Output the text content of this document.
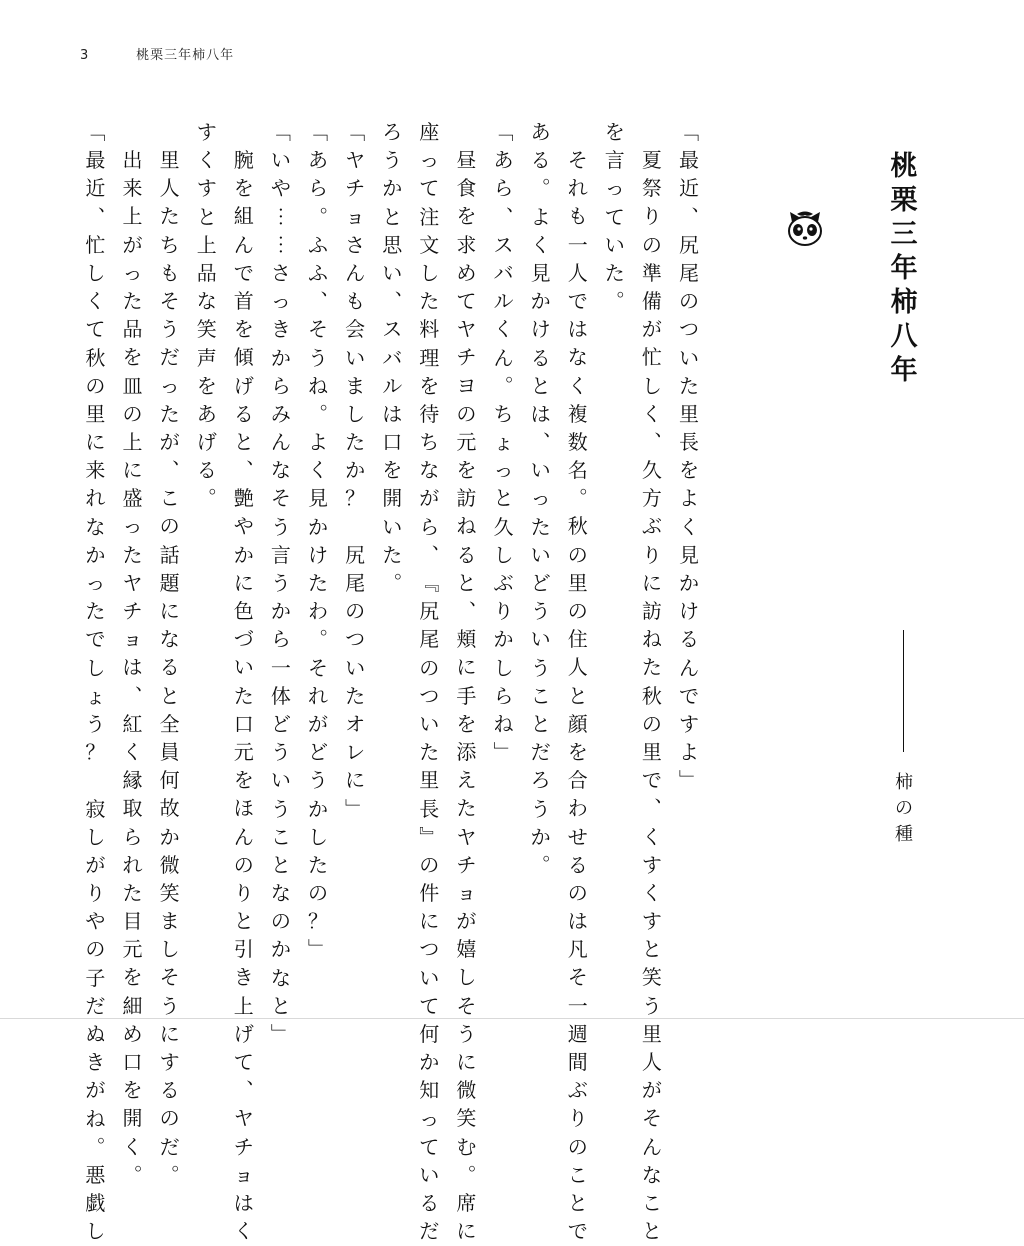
3	桃栗三年柿八年
桃
栗
三
年
柿
八
年
柿
の
種
﹁
最
近
︑
尻
尾
の
つ
い
た
里
長
を
よ
く
見
か
け
る
ん
で
す
よ
﹂
夏
祭
り
の
準
備
が
忙
し
く
︑
久
方
ぶ
り
に
訪
ね
た
秋
の
里
で
︑
く
す
く
す
と
笑
う
里
人
が
そ
ん
な
こ
と
を
言
っ
て
い
た
︒
そ
れ
も
一
人
で
は
な
く
複
数
名
︒
秋
の
里
の
住
人
と
顔
を
合
わ
せ
る
の
は
凡
そ
一
週
間
ぶ
り
の
こ
と
で
あ
る
︒
よ
く
見
か
け
る
と
は
︑
い
っ
た
い
ど
う
い
う
こ
と
だ
ろ
う
か
︒
﹁
あ
ら
︑
ス
バ
ル
く
ん
︒
ち
ょ
っ
と
久
し
ぶ
り
か
し
ら
ね
﹂
昼
食
を
求
め
て
ヤ
チ
ヨ
の
元
を
訪
ね
る
と
︑
頬
に
手
を
添
え
た
ヤ
チ
ョ
が
嬉
し
そ
う
に
微
笑
む
︒
席
に
座
っ
て
注
文
し
た
料
理
を
待
ち
な
が
ら
︑
﹃
尻
尾
の
つ
い
た
里
長
﹄
の
件
に
つ
い
て
何
か
知
っ
て
い
る
だ
ろ
う
か
と
思
い
︑
ス
バ
ル
は
口
を
開
い
た
︒
﹁
ヤ
チ
ョ
さ
ん
も
会
い
ま
し
た
か
？

尻
尾
の
つ
い
た
オ
レ
に
﹂
﹁
あ
ら
︒
ふ
ふ
︑
そ
う
ね
︒
よ
く
見
か
け
た
わ
︒
そ
れ
が
ど
う
か
し
た
の
？
﹂
﹁
い
や
︙
︙
さ
っ
き
か
ら
み
ん
な
そ
う
言
う
か
ら
一
体
ど
う
い
う
こ
と
な
の
か
な
と
﹂
腕
を
組
ん
で
首
を
傾
げ
る
と
︑
艶
や
か
に
色
づ
い
た
口
元
を
ほ
ん
の
り
と
引
き
上
げ
て
︑
ヤ
チ
ョ
は
く
す
く
す
と
上
品
な
笑
声
を
あ
げ
る
︒
里
人
た
ち
も
そ
う
だ
っ
た
が
︑
こ
の
話
題
に
な
る
と
全
員
何
故
か
微
笑
ま
し
そ
う
に
す
る
の
だ
︒
出
来
上
が
っ
た
品
を
皿
の
上
に
盛
っ
た
ヤ
チ
ョ
は
︑
紅
く
縁
取
ら
れ
た
目
元
を
細
め
口
を
開
く
︒
﹁
最
近
︑
忙
し
く
て
秋
の
里
に
来
れ
な
か
っ
た
で
し
ょ
う
？

寂
し
が
り
や
の
子
だ
ぬ
き
が
ね
︒
悪
戯
し
